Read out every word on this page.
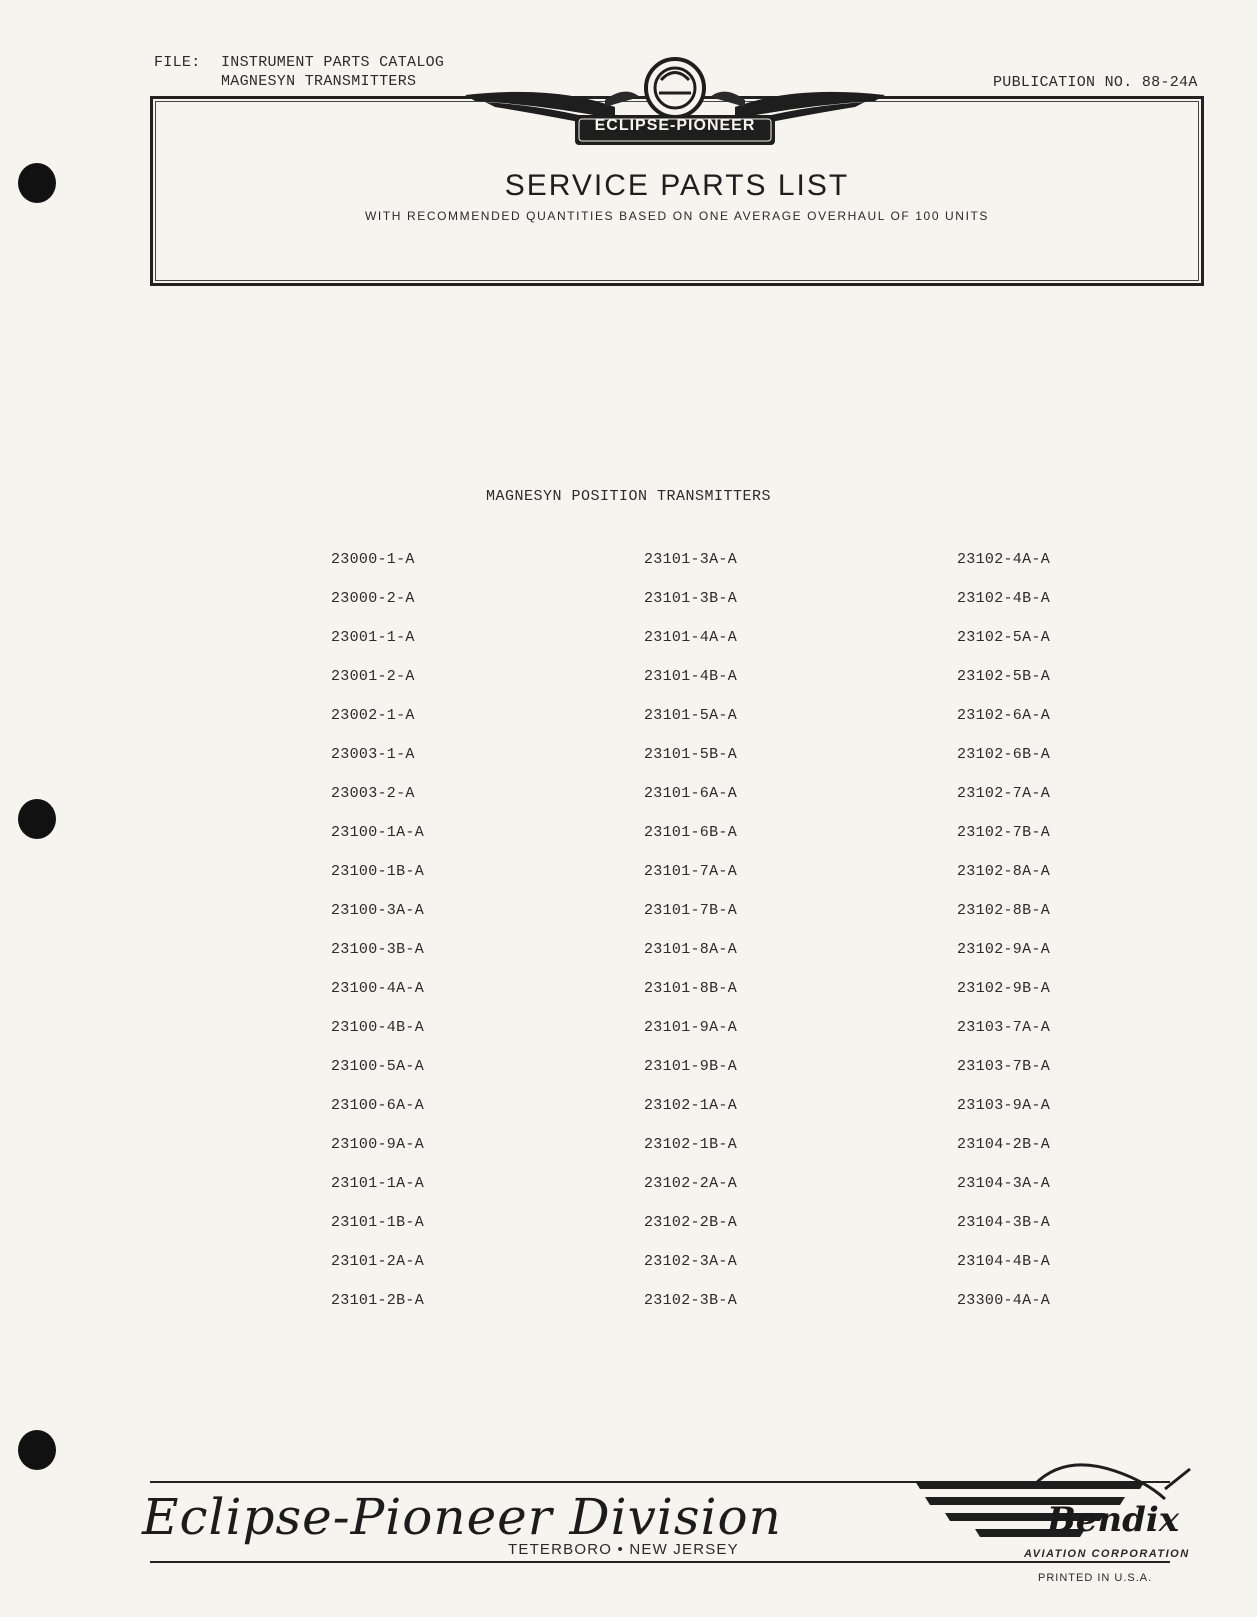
FILE: INSTRUMENT PARTS CATALOG
MAGNESYN TRANSMITTERS	PUBLICATION NO. 88-24A
SERVICE PARTS LIST
WITH RECOMMENDED QUANTITIES BASED ON ONE AVERAGE OVERHAUL OF 100 UNITS
ECLIPSE-PIONEER
MAGNESYN POSITION TRANSMITTERS
23000-1-A
23000-2-A
23001-1-A
23001-2-A
23002-1-A
23003-1-A
23003-2-A
23100-1A-A
23100-1B-A
23100-3A-A
23100-3B-A
23100-4A-A
23100-4B-A
23100-5A-A
23100-6A-A
23100-9A-A
23101-1A-A
23101-1B-A
23101-2A-A
23101-2B-A
23101-3A-A
23101-3B-A
23101-4A-A
23101-4B-A
23101-5A-A
23101-5B-A
23101-6A-A
23101-6B-A
23101-7A-A
23101-7B-A
23101-8A-A
23101-8B-A
23101-9A-A
23101-9B-A
23102-1A-A
23102-1B-A
23102-2A-A
23102-2B-A
23102-3A-A
23102-3B-A
23102-4A-A
23102-4B-A
23102-5A-A
23102-5B-A
23102-6A-A
23102-6B-A
23102-7A-A
23102-7B-A
23102-8A-A
23102-8B-A
23102-9A-A
23102-9B-A
23103-7A-A
23103-7B-A
23103-9A-A
23104-2B-A
23104-3A-A
23104-3B-A
23104-4B-A
23300-4A-A
Eclipse-Pioneer Division
TETERBORO • NEW JERSEY
Bendix
AVIATION CORPORATION
PRINTED IN U.S.A.
